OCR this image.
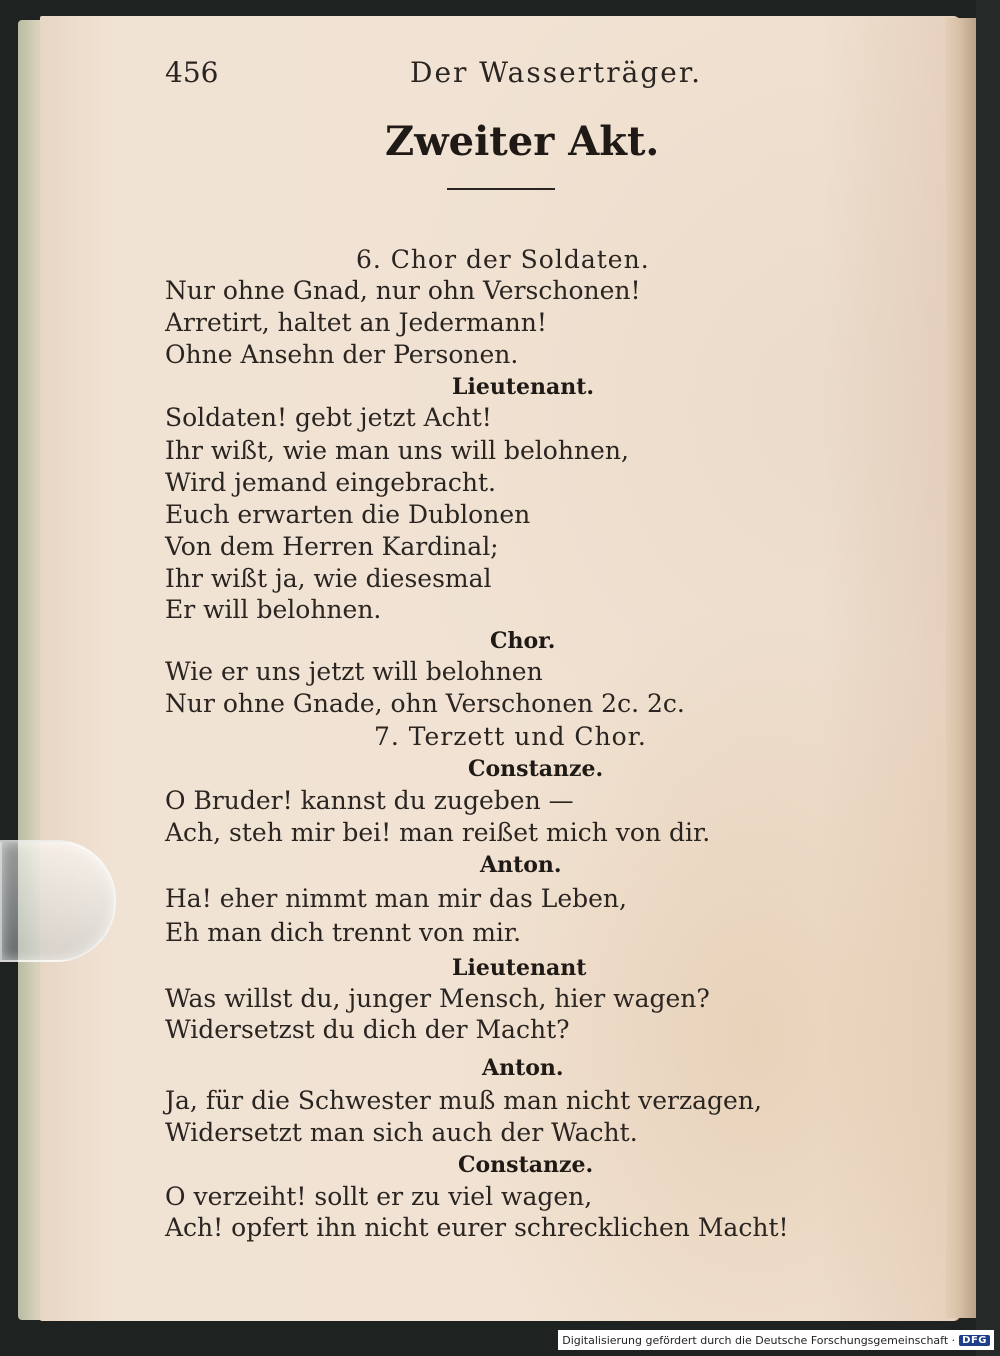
456	Der Wasserträger.
Zweiter Akt.
6. Chor der Soldaten.
Nur ohne Gnad, nur ohn Verschonen!
Arretirt, haltet an Jedermann!
Ohne Ansehn der Personen.
Lieutenant.
Soldaten! gebt jetzt Acht!
Ihr wißt, wie man uns will belohnen,
Wird jemand eingebracht.
Euch erwarten die Dublonen
Von dem Herren Kardinal;
Ihr wißt ja, wie diesesmal
Er will belohnen.
Chor.
Wie er uns jetzt will belohnen
Nur ohne Gnade, ohn Verschonen 2c. 2c.
7. Terzett und Chor.
Constanze.
O Bruder! kannst du zugeben —
Ach, steh mir bei! man reißet mich von dir.
Anton.
Ha! eher nimmt man mir das Leben,
Eh man dich trennt von mir.
Lieutenant
Was willst du, junger Mensch, hier wagen?
Widersetzst du dich der Macht?
Anton.
Ja, für die Schwester muß man nicht verzagen,
Widersetzt man sich auch der Wacht.
Constanze.
O verzeiht! sollt er zu viel wagen,
Ach! opfert ihn nicht eurer schrecklichen Macht!
Digitalisierung gefördert durch die Deutsche Forschungsgemeinschaft · DFG
